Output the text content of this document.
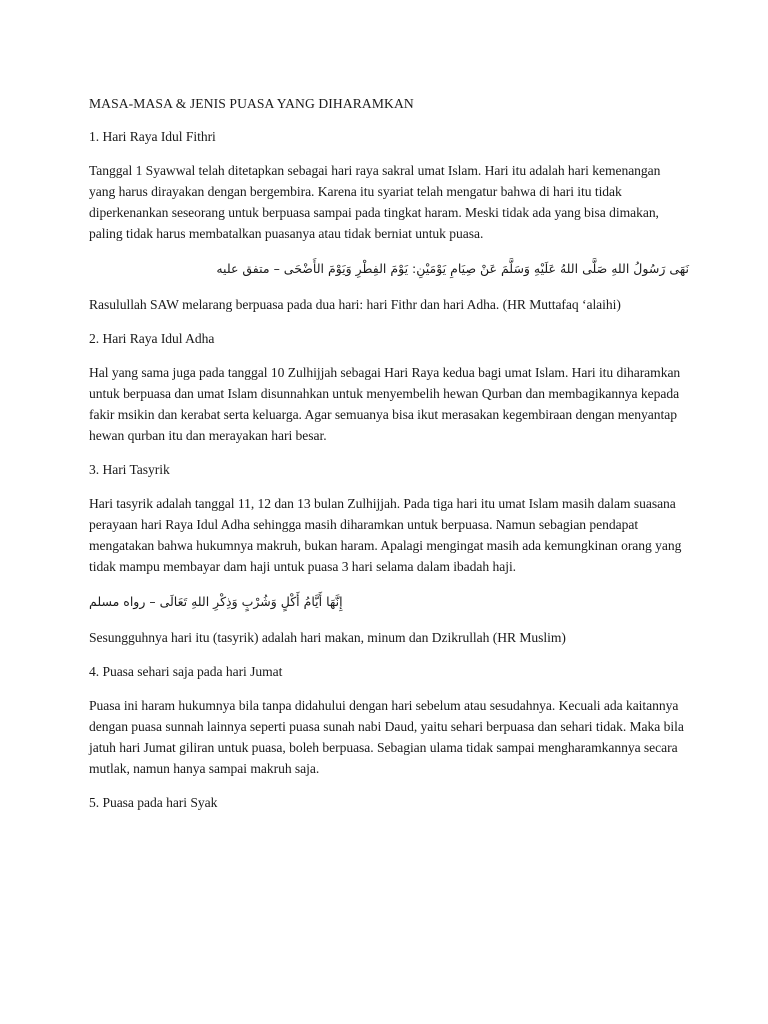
MASA-MASA & JENIS PUASA YANG DIHARAMKAN

1. Hari Raya Idul Fithri

Tanggal 1 Syawwal telah ditetapkan sebagai hari raya sakral umat Islam. Hari itu adalah hari kemenangan yang harus dirayakan dengan bergembira. Karena itu syariat telah mengatur bahwa di hari itu tidak diperkenankan seseorang untuk berpuasa sampai pada tingkat haram. Meski tidak ada yang bisa dimakan, paling tidak harus membatalkan puasanya atau tidak berniat untuk puasa.

نَهَى رَسُولُ اللهِ صَلَّى اللهُ عَلَيْهِ وَسَلَّمَ عَنْ صِيَامِ يَوْمَيْنِ: يَوْمَ الفِطْرِ وَيَوْمَ الأَضْحَى – متفق عليه

Rasulullah SAW melarang berpuasa pada dua hari: hari Fithr dan hari Adha. (HR Muttafaq ‘alaihi)

2. Hari Raya Idul Adha

Hal yang sama juga pada tanggal 10 Zulhijjah sebagai Hari Raya kedua bagi umat Islam. Hari itu diharamkan untuk berpuasa dan umat Islam disunnahkan untuk menyembelih hewan Qurban dan membagikannya kepada fakir msikin dan kerabat serta keluarga. Agar semuanya bisa ikut merasakan kegembiraan dengan menyantap hewan qurban itu dan merayakan hari besar.

3. Hari Tasyrik

Hari tasyrik adalah tanggal 11, 12 dan 13 bulan Zulhijjah. Pada tiga hari itu umat Islam masih dalam suasana perayaan hari Raya Idul Adha sehingga masih diharamkan untuk berpuasa. Namun sebagian pendapat mengatakan bahwa hukumnya makruh, bukan haram. Apalagi mengingat masih ada kemungkinan orang yang tidak mampu membayar dam haji untuk puasa 3 hari selama dalam ibadah haji.

إِنَّهَا أَيَّامُ أَكْلٍ وَشُرْبٍ وَذِكْرِ اللهِ تَعَالَى – رواه مسلم

Sesungguhnya hari itu (tasyrik) adalah hari makan, minum dan Dzikrullah (HR Muslim)

4. Puasa sehari saja pada hari Jumat

Puasa ini haram hukumnya bila tanpa didahului dengan hari sebelum atau sesudahnya. Kecuali ada kaitannya dengan puasa sunnah lainnya seperti puasa sunah nabi Daud, yaitu sehari berpuasa dan sehari tidak. Maka bila jatuh hari Jumat giliran untuk puasa, boleh berpuasa. Sebagian ulama tidak sampai mengharamkannya secara mutlak, namun hanya sampai makruh saja.

5. Puasa pada hari Syak
